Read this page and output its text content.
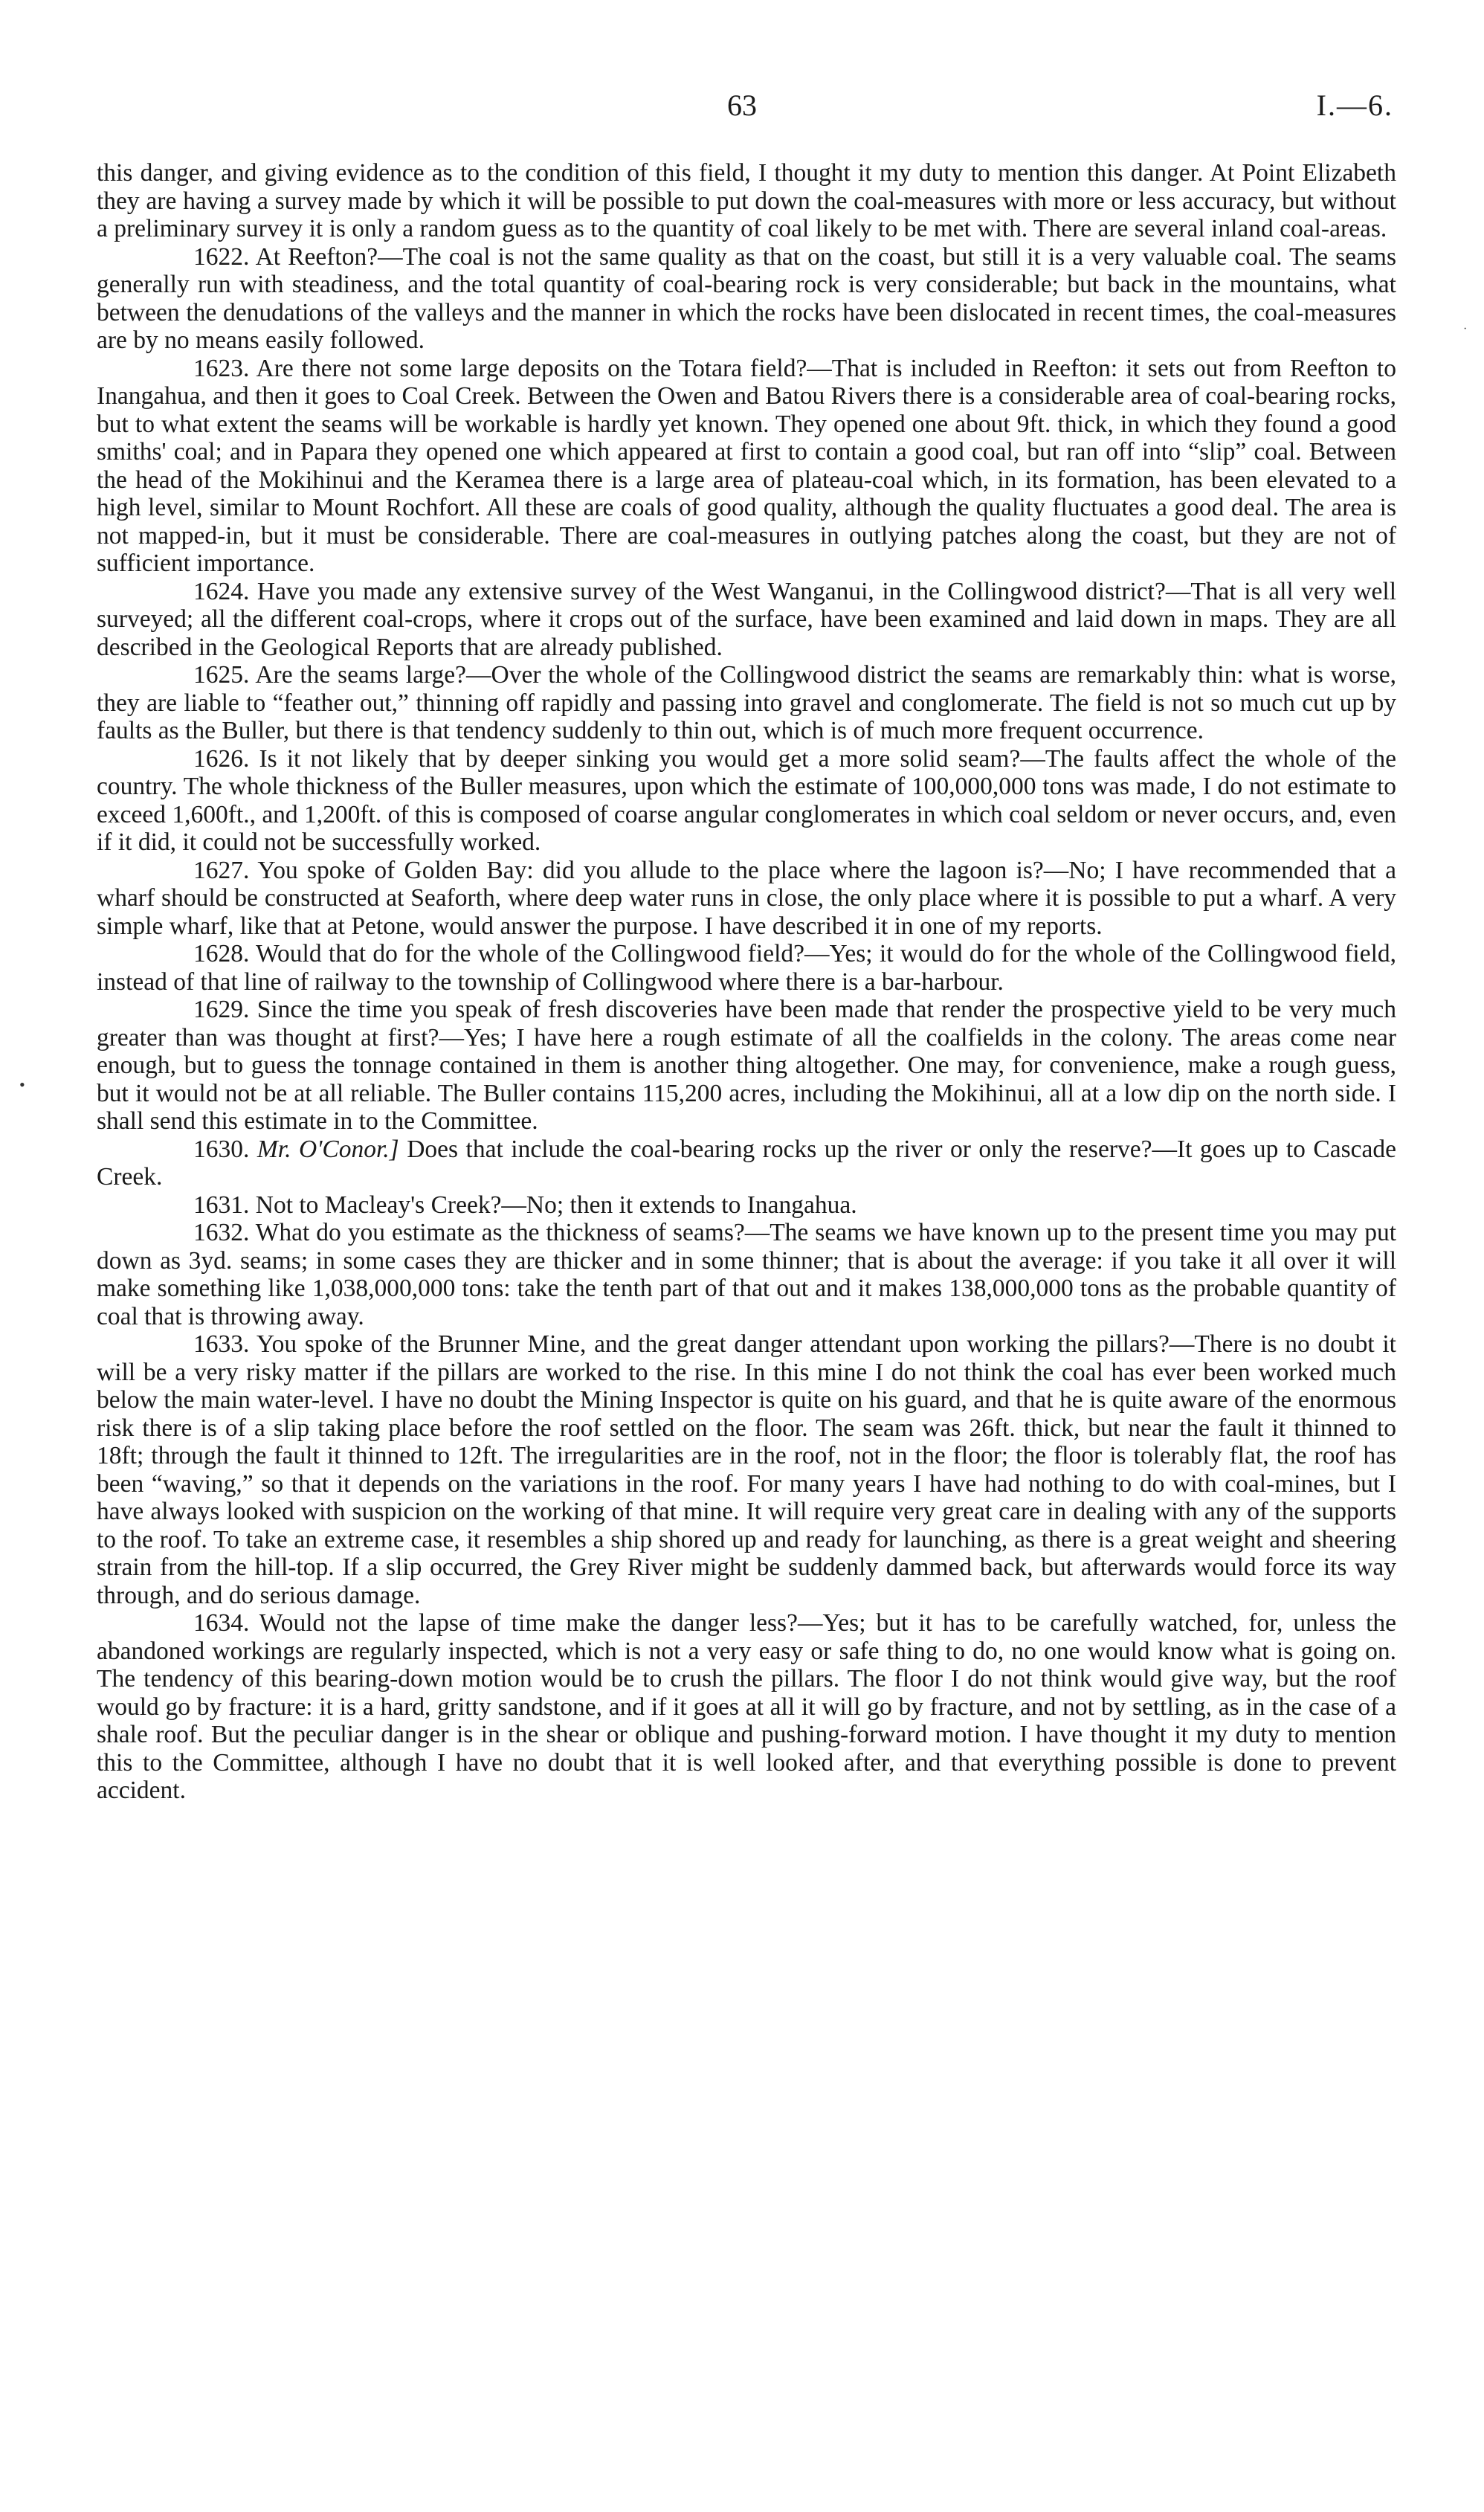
63	I.—6.

this danger, and giving evidence as to the condition of this field, I thought it my duty to mention this danger. At Point Elizabeth they are having a survey made by which it will be possible to put down the coal-measures with more or less accuracy, but without a preliminary survey it is only a random guess as to the quantity of coal likely to be met with. There are several inland coal-areas.

1622. At Reefton?—The coal is not the same quality as that on the coast, but still it is a very valuable coal. The seams generally run with steadiness, and the total quantity of coal-bearing rock is very considerable; but back in the mountains, what between the denudations of the valleys and the manner in which the rocks have been dislocated in recent times, the coal-measures are by no means easily followed.

1623. Are there not some large deposits on the Totara field?—That is included in Reefton: it sets out from Reefton to Inangahua, and then it goes to Coal Creek. Between the Owen and Batou Rivers there is a considerable area of coal-bearing rocks, but to what extent the seams will be workable is hardly yet known. They opened one about 9ft. thick, in which they found a good smiths' coal; and in Papara they opened one which appeared at first to contain a good coal, but ran off into “slip” coal. Between the head of the Mokihinui and the Keramea there is a large area of plateau-coal which, in its formation, has been elevated to a high level, similar to Mount Rochfort. All these are coals of good quality, although the quality fluctuates a good deal. The area is not mapped-in, but it must be considerable. There are coal-measures in outlying patches along the coast, but they are not of sufficient importance.

1624. Have you made any extensive survey of the West Wanganui, in the Collingwood district?—That is all very well surveyed; all the different coal-crops, where it crops out of the surface, have been examined and laid down in maps. They are all described in the Geological Reports that are already published.

1625. Are the seams large?—Over the whole of the Collingwood district the seams are remarkably thin: what is worse, they are liable to “feather out,” thinning off rapidly and passing into gravel and conglomerate. The field is not so much cut up by faults as the Buller, but there is that tendency suddenly to thin out, which is of much more frequent occurrence.

1626. Is it not likely that by deeper sinking you would get a more solid seam?—The faults affect the whole of the country. The whole thickness of the Buller measures, upon which the estimate of 100,000,000 tons was made, I do not estimate to exceed 1,600ft., and 1,200ft. of this is composed of coarse angular conglomerates in which coal seldom or never occurs, and, even if it did, it could not be successfully worked.

1627. You spoke of Golden Bay: did you allude to the place where the lagoon is?—No; I have recommended that a wharf should be constructed at Seaforth, where deep water runs in close, the only place where it is possible to put a wharf. A very simple wharf, like that at Petone, would answer the purpose. I have described it in one of my reports.

1628. Would that do for the whole of the Collingwood field?—Yes; it would do for the whole of the Collingwood field, instead of that line of railway to the township of Collingwood where there is a bar-harbour.

1629. Since the time you speak of fresh discoveries have been made that render the prospective yield to be very much greater than was thought at first?—Yes; I have here a rough estimate of all the coalfields in the colony. The areas come near enough, but to guess the tonnage contained in them is another thing altogether. One may, for convenience, make a rough guess, but it would not be at all reliable. The Buller contains 115,200 acres, including the Mokihinui, all at a low dip on the north side. I shall send this estimate in to the Committee.

1630. Mr. O'Conor.] Does that include the coal-bearing rocks up the river or only the reserve?—It goes up to Cascade Creek.

1631. Not to Macleay's Creek?—No; then it extends to Inangahua.

1632. What do you estimate as the thickness of seams?—The seams we have known up to the present time you may put down as 3yd. seams; in some cases they are thicker and in some thinner; that is about the average: if you take it all over it will make something like 1,038,000,000 tons: take the tenth part of that out and it makes 138,000,000 tons as the probable quantity of coal that is throwing away.

1633. You spoke of the Brunner Mine, and the great danger attendant upon working the pillars?—There is no doubt it will be a very risky matter if the pillars are worked to the rise. In this mine I do not think the coal has ever been worked much below the main water-level. I have no doubt the Mining Inspector is quite on his guard, and that he is quite aware of the enormous risk there is of a slip taking place before the roof settled on the floor. The seam was 26ft. thick, but near the fault it thinned to 18ft; through the fault it thinned to 12ft. The irregularities are in the roof, not in the floor; the floor is tolerably flat, the roof has been “waving,” so that it depends on the variations in the roof. For many years I have had nothing to do with coal-mines, but I have always looked with suspicion on the working of that mine. It will require very great care in dealing with any of the supports to the roof. To take an extreme case, it resembles a ship shored up and ready for launching, as there is a great weight and sheering strain from the hill-top. If a slip occurred, the Grey River might be suddenly dammed back, but afterwards would force its way through, and do serious damage.

1634. Would not the lapse of time make the danger less?—Yes; but it has to be carefully watched, for, unless the abandoned workings are regularly inspected, which is not a very easy or safe thing to do, no one would know what is going on. The tendency of this bearing-down motion would be to crush the pillars. The floor I do not think would give way, but the roof would go by fracture: it is a hard, gritty sandstone, and if it goes at all it will go by fracture, and not by settling, as in the case of a shale roof. But the peculiar danger is in the shear or oblique and pushing-forward motion. I have thought it my duty to mention this to the Committee, although I have no doubt that it is well looked after, and that everything possible is done to prevent accident.

•
·
